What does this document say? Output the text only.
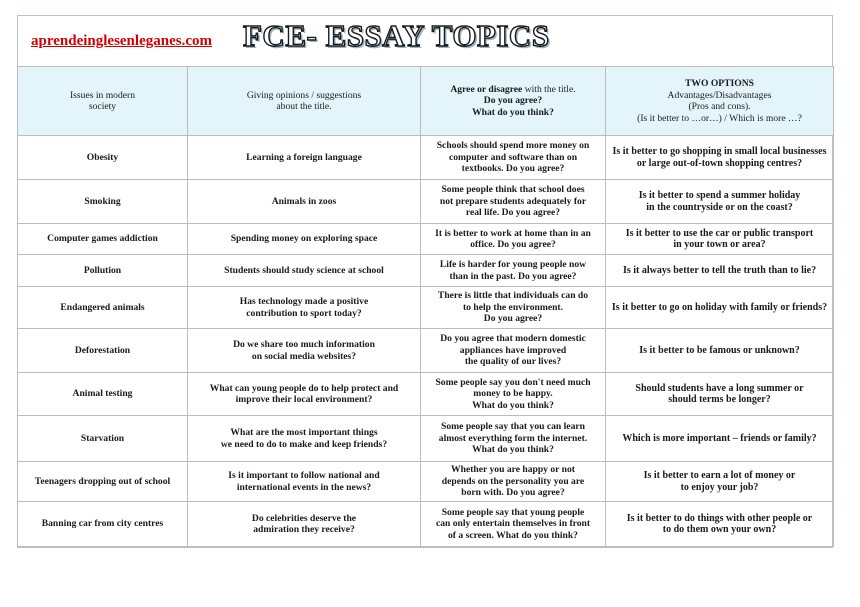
aprendeinglesenleganes.com FCE- ESSAY TOPICS
Issues in modern
society	Giving opinions / suggestions
about the title.	Agree or disagree with the title.
Do you agree?
What do you think?	TWO OPTIONS
Advantages/Disadvantages
(Pros and cons).
(Is it better to …or…) / Which is more …?
Obesity	Learning a foreign language	Schools should spend more money on
computer and software than on
textbooks. Do you agree?	Is it better to go shopping in small local businesses
or large out-of-town shopping centres?
Smoking	Animals in zoos	Some people think that school does
not prepare students adequately for
real life. Do you agree?	Is it better to spend a summer holiday
in the countryside or on the coast?
Computer games addiction	Spending money on exploring space	It is better to work at home than in an
office. Do you agree?	Is it better to use the car or public transport
in your town or area?
Pollution	Students should study science at school	Life is harder for young people now
than in the past. Do you agree?	Is it always better to tell the truth than to lie?
Endangered animals	Has technology made a positive
contribution to sport today?	There is little that individuals can do
to help the environment.
Do you agree?	Is it better to go on holiday with family or friends?
Deforestation	Do we share too much information
on social media websites?	Do you agree that modern domestic
appliances have improved
the quality of our lives?	Is it better to be famous or unknown?
Animal testing	What can young people do to help protect and
improve their local environment?	Some people say you don't need much
money to be happy.
What do you think?	Should students have a long summer or
should terms be longer?
Starvation	What are the most important things
we need to do to make and keep friends?	Some people say that you can learn
almost everything form the internet.
What do you think?	Which is more important – friends or family?
Teenagers dropping out of school	Is it important to follow national and
international events in the news?	Whether you are happy or not
depends on the personality you are
born with. Do you agree?	Is it better to earn a lot of money or
to enjoy your job?
Banning car from city centres	Do celebrities deserve the
admiration they receive?	Some people say that young people
can only entertain themselves in front
of a screen. What do you think?	Is it better to do things with other people or
to do them own your own?
